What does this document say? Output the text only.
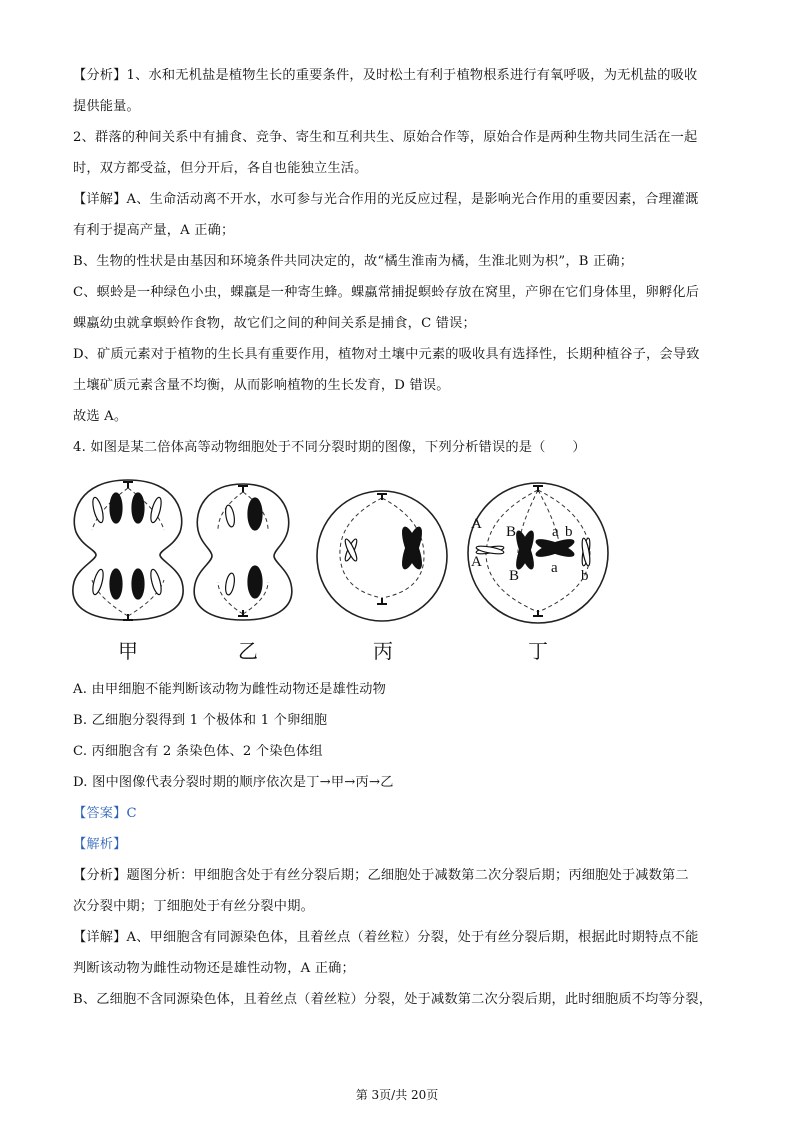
【分析】1、水和无机盐是植物生长的重要条件，及时松土有利于植物根系进行有氧呼吸，为无机盐的吸收
提供能量。
2、群落的种间关系中有捕食、竞争、寄生和互利共生、原始合作等，原始合作是两种生物共同生活在一起
时，双方都受益，但分开后，各自也能独立生活。
【详解】A、生命活动离不开水，水可参与光合作用的光反应过程，是影响光合作用的重要因素，合理灌溉
有利于提高产量，A 正确；
B、生物的性状是由基因和环境条件共同决定的，故“橘生淮南为橘，生淮北则为枳”，B 正确；
C、螟蛉是一种绿色小虫，蜾蠃是一种寄生蜂。蜾蠃常捕捉螟蛉存放在窝里，产卵在它们身体里，卵孵化后
蜾蠃幼虫就拿螟蛉作食物，故它们之间的种间关系是捕食，C 错误；
D、矿质元素对于植物的生长具有重要作用，植物对土壤中元素的吸收具有选择性，长期种植谷子，会导致
土壤矿质元素含量不均衡，从而影响植物的生长发育，D 错误。
故选 A。
4. 如图是某二倍体高等动物细胞处于不同分裂时期的图像，下列分析错误的是（　　）
A
A
B
B
a
a
b
b
甲	乙	丙	丁
A. 由甲细胞不能判断该动物为雌性动物还是雄性动物
B. 乙细胞分裂得到 1 个极体和 1 个卵细胞
C. 丙细胞含有 2 条染色体、2 个染色体组
D. 图中图像代表分裂时期的顺序依次是丁→甲→丙→乙
【答案】C
【解析】
【分析】题图分析：甲细胞含处于有丝分裂后期；乙细胞处于减数第二次分裂后期；丙细胞处于减数第二
次分裂中期；丁细胞处于有丝分裂中期。
【详解】A、甲细胞含有同源染色体，且着丝点（着丝粒）分裂，处于有丝分裂后期，根据此时期特点不能
判断该动物为雌性动物还是雄性动物，A 正确；
B、乙细胞不含同源染色体，且着丝点（着丝粒）分裂，处于减数第二次分裂后期，此时细胞质不均等分裂，
第 3页/共 20页
